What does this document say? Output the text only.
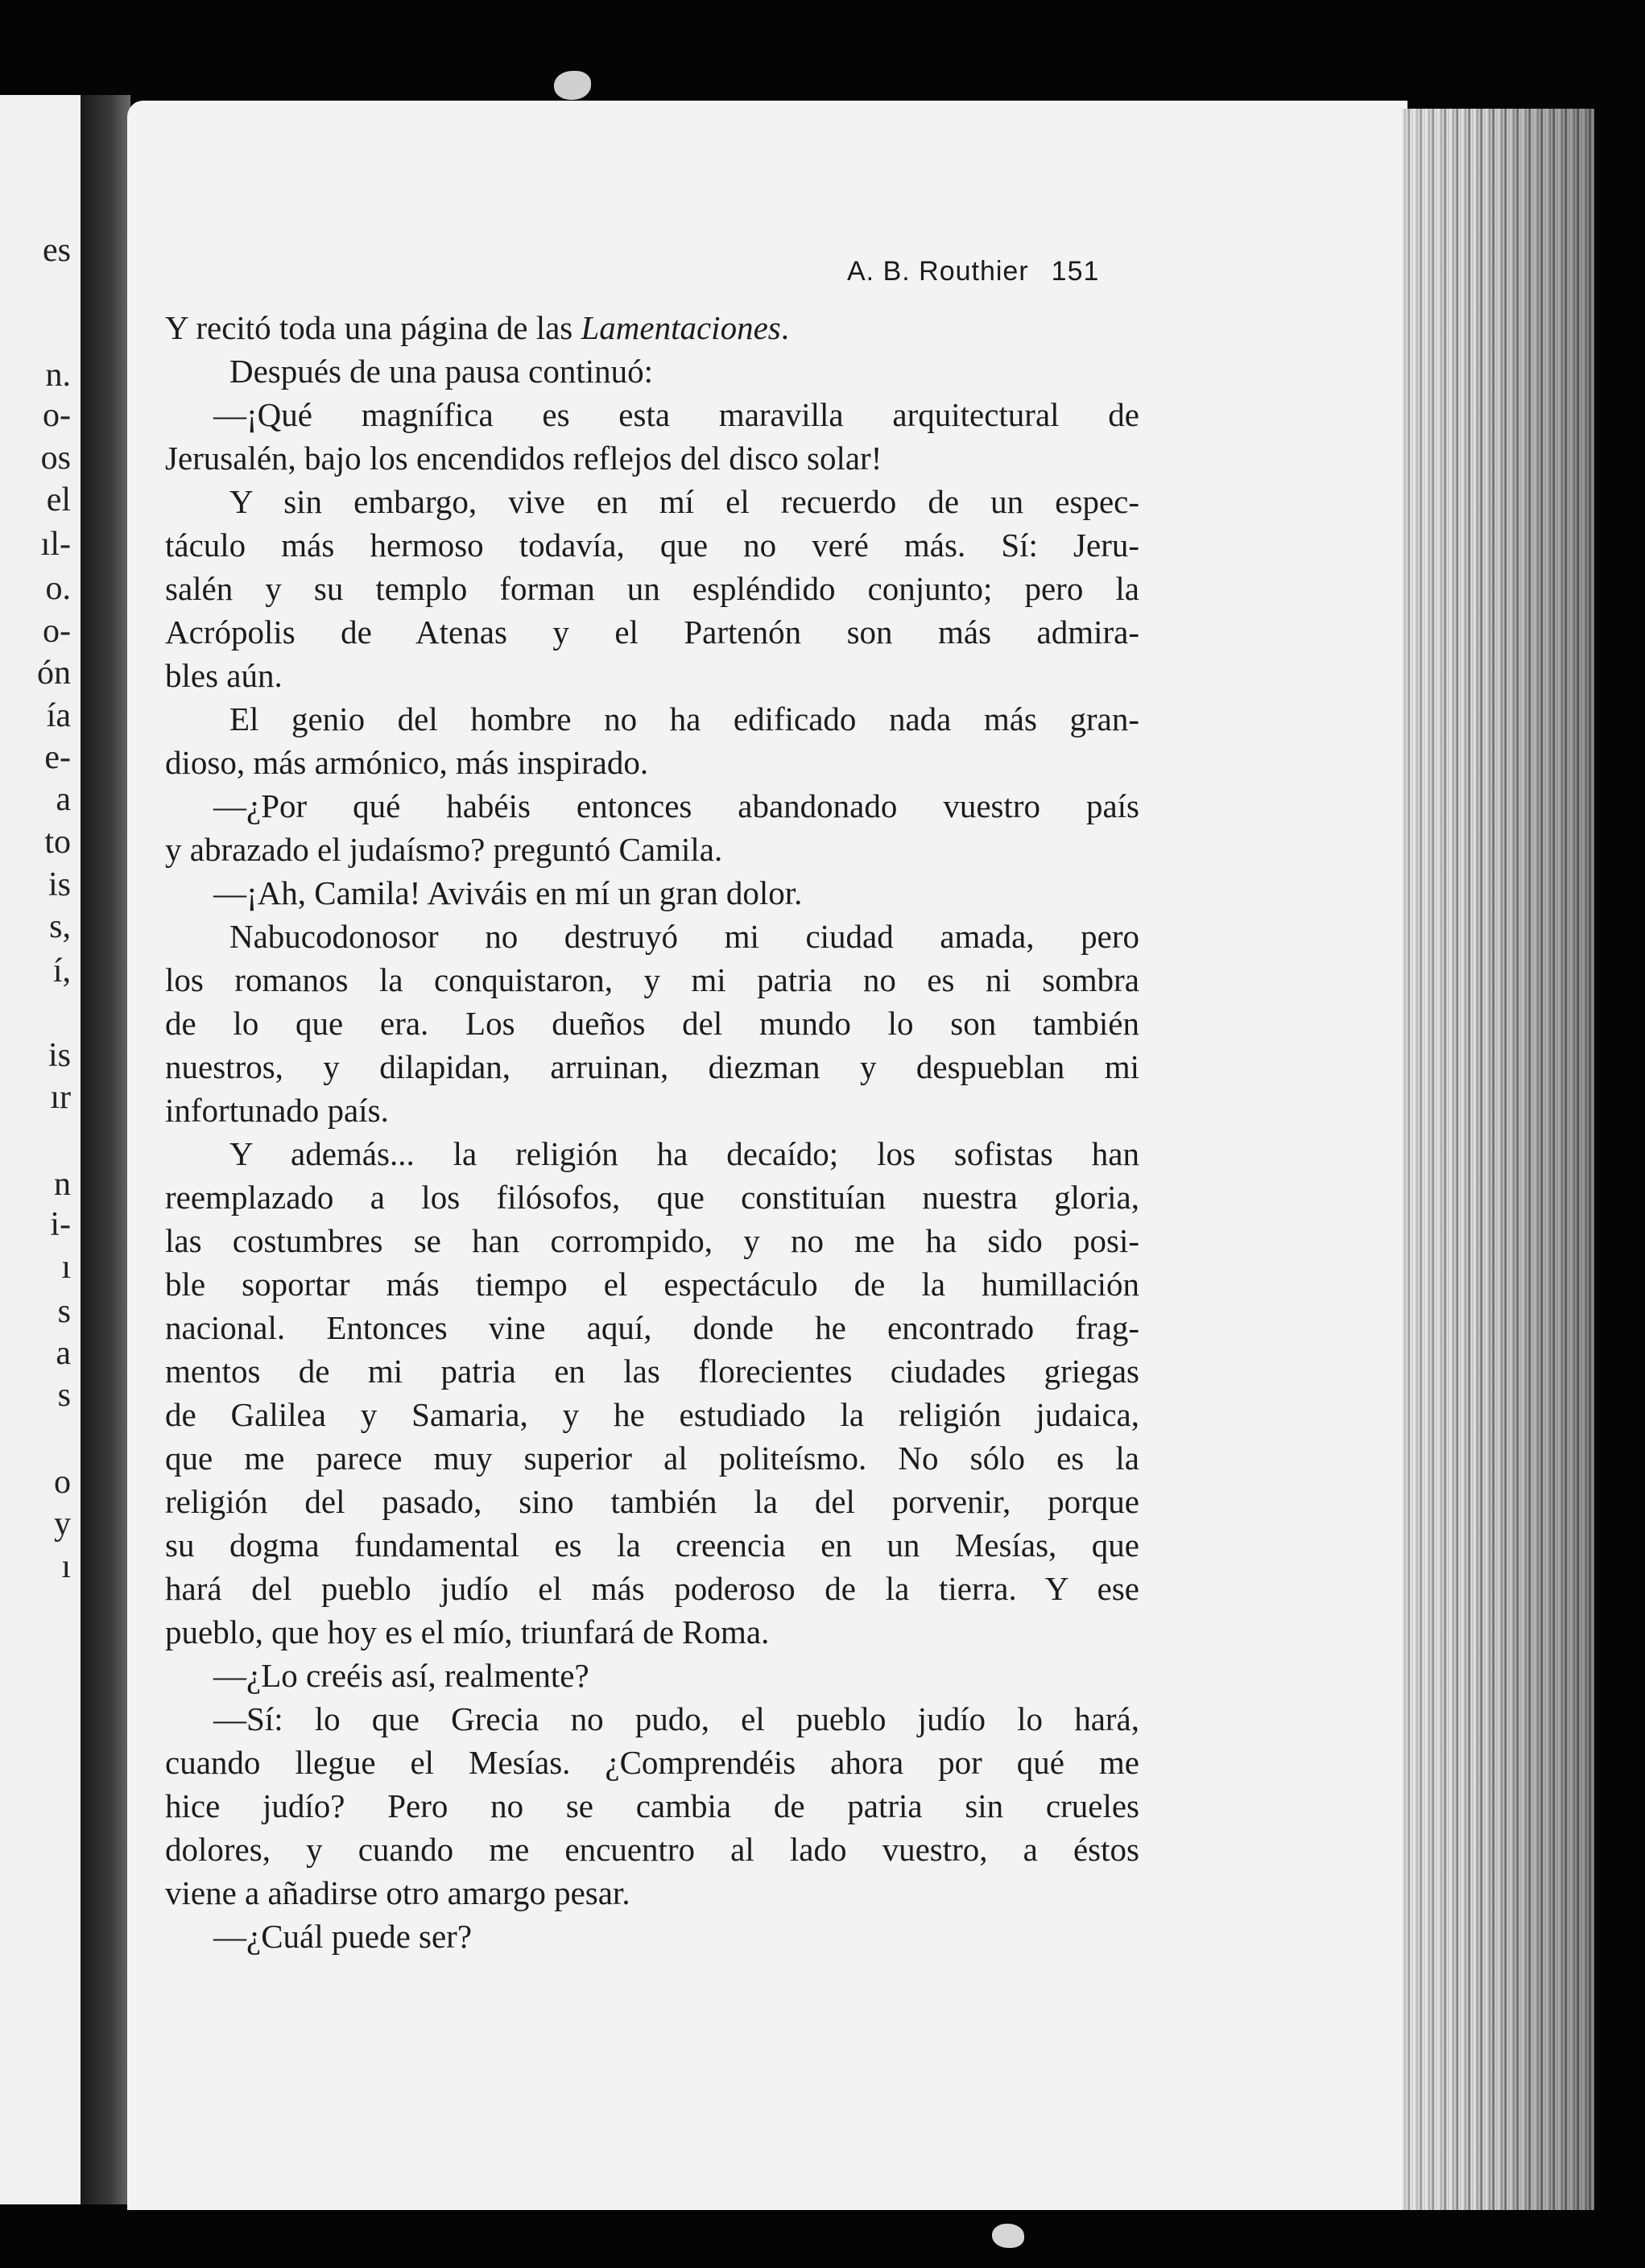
es
n.
o-
os
el
ıl-
o.
o-
ón
ía
e-
a
to
is
s,
í,
is
ır
n
i-
ı
s
a
s
o
y
ı
A. B. Routhier 151
Y recitó toda una página de las Lamentaciones.
Después de una pausa continuó:
—¡Qué magnífica es esta maravilla arquitectural de
Jerusalén, bajo los encendidos reflejos del disco solar!
Y sin embargo, vive en mí el recuerdo de un espec-
táculo más hermoso todavía, que no veré más. Sí: Jeru-
salén y su templo forman un espléndido conjunto; pero la
Acrópolis de Atenas y el Partenón son más admira-
bles aún.
El genio del hombre no ha edificado nada más gran-
dioso, más armónico, más inspirado.
—¿Por qué habéis entonces abandonado vuestro país
y abrazado el judaísmo? preguntó Camila.
—¡Ah, Camila! Aviváis en mí un gran dolor.
Nabucodonosor no destruyó mi ciudad amada, pero
los romanos la conquistaron, y mi patria no es ni sombra
de lo que era. Los dueños del mundo lo son también
nuestros, y dilapidan, arruinan, diezman y despueblan mi
infortunado país.
Y además... la religión ha decaído; los sofistas han
reemplazado a los filósofos, que constituían nuestra gloria,
las costumbres se han corrompido, y no me ha sido posi-
ble soportar más tiempo el espectáculo de la humillación
nacional. Entonces vine aquí, donde he encontrado frag-
mentos de mi patria en las florecientes ciudades griegas
de Galilea y Samaria, y he estudiado la religión judaica,
que me parece muy superior al politeísmo. No sólo es la
religión del pasado, sino también la del porvenir, porque
su dogma fundamental es la creencia en un Mesías, que
hará del pueblo judío el más poderoso de la tierra. Y ese
pueblo, que hoy es el mío, triunfará de Roma.
—¿Lo creéis así, realmente?
—Sí: lo que Grecia no pudo, el pueblo judío lo hará,
cuando llegue el Mesías. ¿Comprendéis ahora por qué me
hice judío? Pero no se cambia de patria sin crueles
dolores, y cuando me encuentro al lado vuestro, a éstos
viene a añadirse otro amargo pesar.
—¿Cuál puede ser?
